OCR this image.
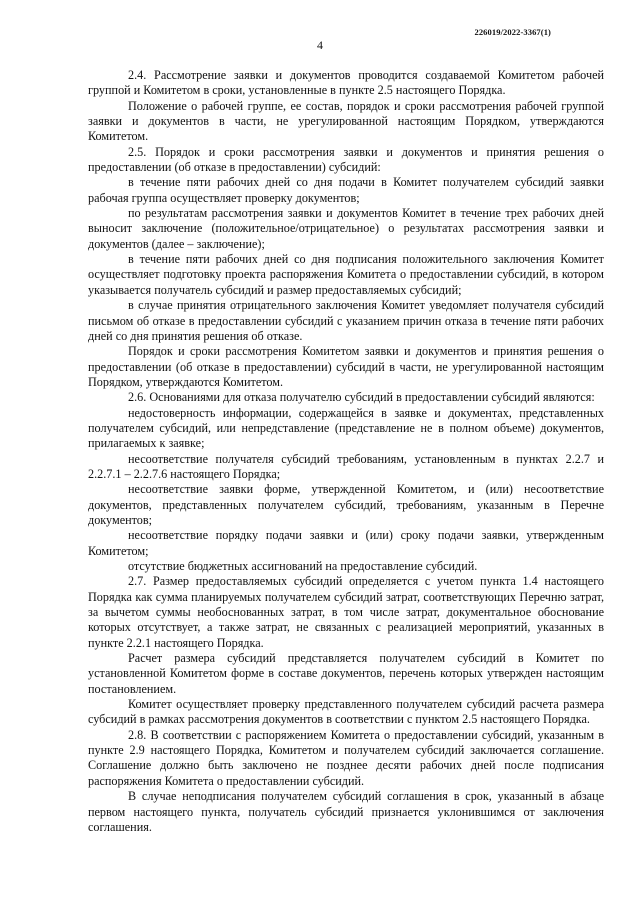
226019/2022-3367(1)
4

2.4. Рассмотрение заявки и документов проводится создаваемой Комитетом рабочей группой и Комитетом в сроки, установленные в пункте 2.5 настоящего Порядка.

Положение о рабочей группе, ее состав, порядок и сроки рассмотрения рабочей группой заявки и документов в части, не урегулированной настоящим Порядком, утверждаются Комитетом.

2.5. Порядок и сроки рассмотрения заявки и документов и принятия решения о предоставлении (об отказе в предоставлении) субсидий:

в течение пяти рабочих дней со дня подачи в Комитет получателем субсидий заявки рабочая группа осуществляет проверку документов;

по результатам рассмотрения заявки и документов Комитет в течение трех рабочих дней выносит заключение (положительное/отрицательное) о результатах рассмотрения заявки и документов (далее – заключение);

в течение пяти рабочих дней со дня подписания положительного заключения Комитет осуществляет подготовку проекта распоряжения Комитета о предоставлении субсидий, в котором указывается получатель субсидий и размер предоставляемых субсидий;

в случае принятия отрицательного заключения Комитет уведомляет получателя субсидий письмом об отказе в предоставлении субсидий с указанием причин отказа в течение пяти рабочих дней со дня принятия решения об отказе.

Порядок и сроки рассмотрения Комитетом заявки и документов и принятия решения о предоставлении (об отказе в предоставлении) субсидий в части, не урегулированной настоящим Порядком, утверждаются Комитетом.

2.6. Основаниями для отказа получателю субсидий в предоставлении субсидий являются:

недостоверность информации, содержащейся в заявке и документах, представленных получателем субсидий, или непредставление (представление не в полном объеме) документов, прилагаемых к заявке;

несоответствие получателя субсидий требованиям, установленным в пунктах 2.2.7 и 2.2.7.1 – 2.2.7.6 настоящего Порядка;

несоответствие заявки форме, утвержденной Комитетом, и (или) несоответствие документов, представленных получателем субсидий, требованиям, указанным в Перечне документов;

несоответствие порядку подачи заявки и (или) сроку подачи заявки, утвержденным Комитетом;

отсутствие бюджетных ассигнований на предоставление субсидий.

2.7. Размер предоставляемых субсидий определяется с учетом пункта 1.4 настоящего Порядка как сумма планируемых получателем субсидий затрат, соответствующих Перечню затрат, за вычетом суммы необоснованных затрат, в том числе затрат, документальное обоснование которых отсутствует, а также затрат, не связанных с реализацией мероприятий, указанных в пункте 2.2.1 настоящего Порядка.

Расчет размера субсидий представляется получателем субсидий в Комитет по установленной Комитетом форме в составе документов, перечень которых утвержден настоящим постановлением.

Комитет осуществляет проверку представленного получателем субсидий расчета размера субсидий в рамках рассмотрения документов в соответствии с пунктом 2.5 настоящего Порядка.

2.8. В соответствии с распоряжением Комитета о предоставлении субсидий, указанным в пункте 2.9 настоящего Порядка, Комитетом и получателем субсидий заключается соглашение. Соглашение должно быть заключено не позднее десяти рабочих дней после подписания распоряжения Комитета о предоставлении субсидий.

В случае неподписания получателем субсидий соглашения в срок, указанный в абзаце первом настоящего пункта, получатель субсидий признается уклонившимся от заключения соглашения.
